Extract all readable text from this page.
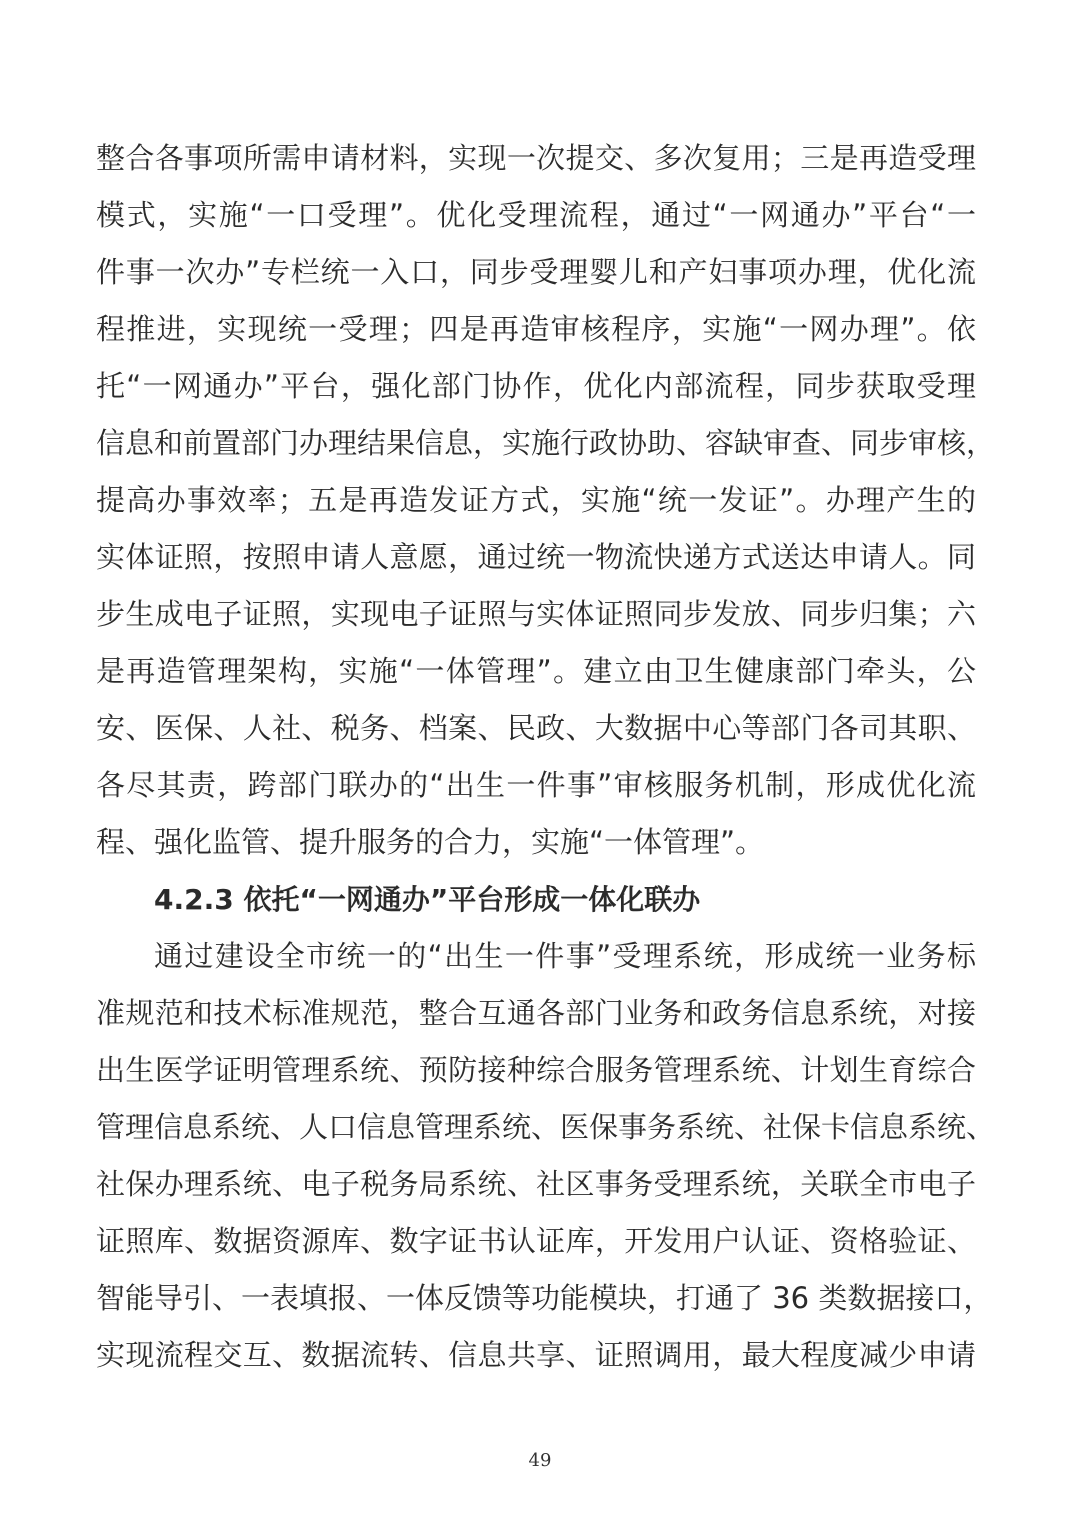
整合各事项所需申请材料，实现一次提交、多次复用；三是再造受理
模式，实施“一口受理”。优化受理流程，通过“一网通办”平台“一
件事一次办”专栏统一入口，同步受理婴儿和产妇事项办理，优化流
程推进，实现统一受理；四是再造审核程序，实施“一网办理”。依
托“一网通办”平台，强化部门协作，优化内部流程，同步获取受理
信息和前置部门办理结果信息，实施行政协助、容缺审查、同步审核，
提高办事效率；五是再造发证方式，实施“统一发证”。办理产生的
实体证照，按照申请人意愿，通过统一物流快递方式送达申请人。同
步生成电子证照，实现电子证照与实体证照同步发放、同步归集；六
是再造管理架构，实施“一体管理”。建立由卫生健康部门牵头，公
安、医保、人社、税务、档案、民政、大数据中心等部门各司其职、
各尽其责，跨部门联办的“出生一件事”审核服务机制，形成优化流
程、强化监管、提升服务的合力，实施“一体管理”。
4.2.3 依托“一网通办”平台形成一体化联办
通过建设全市统一的“出生一件事”受理系统，形成统一业务标
准规范和技术标准规范，整合互通各部门业务和政务信息系统，对接
出生医学证明管理系统、预防接种综合服务管理系统、计划生育综合
管理信息系统、人口信息管理系统、医保事务系统、社保卡信息系统、
社保办理系统、电子税务局系统、社区事务受理系统，关联全市电子
证照库、数据资源库、数字证书认证库，开发用户认证、资格验证、
智能导引、一表填报、一体反馈等功能模块，打通了 36 类数据接口，
实现流程交互、数据流转、信息共享、证照调用，最大程度减少申请
49
